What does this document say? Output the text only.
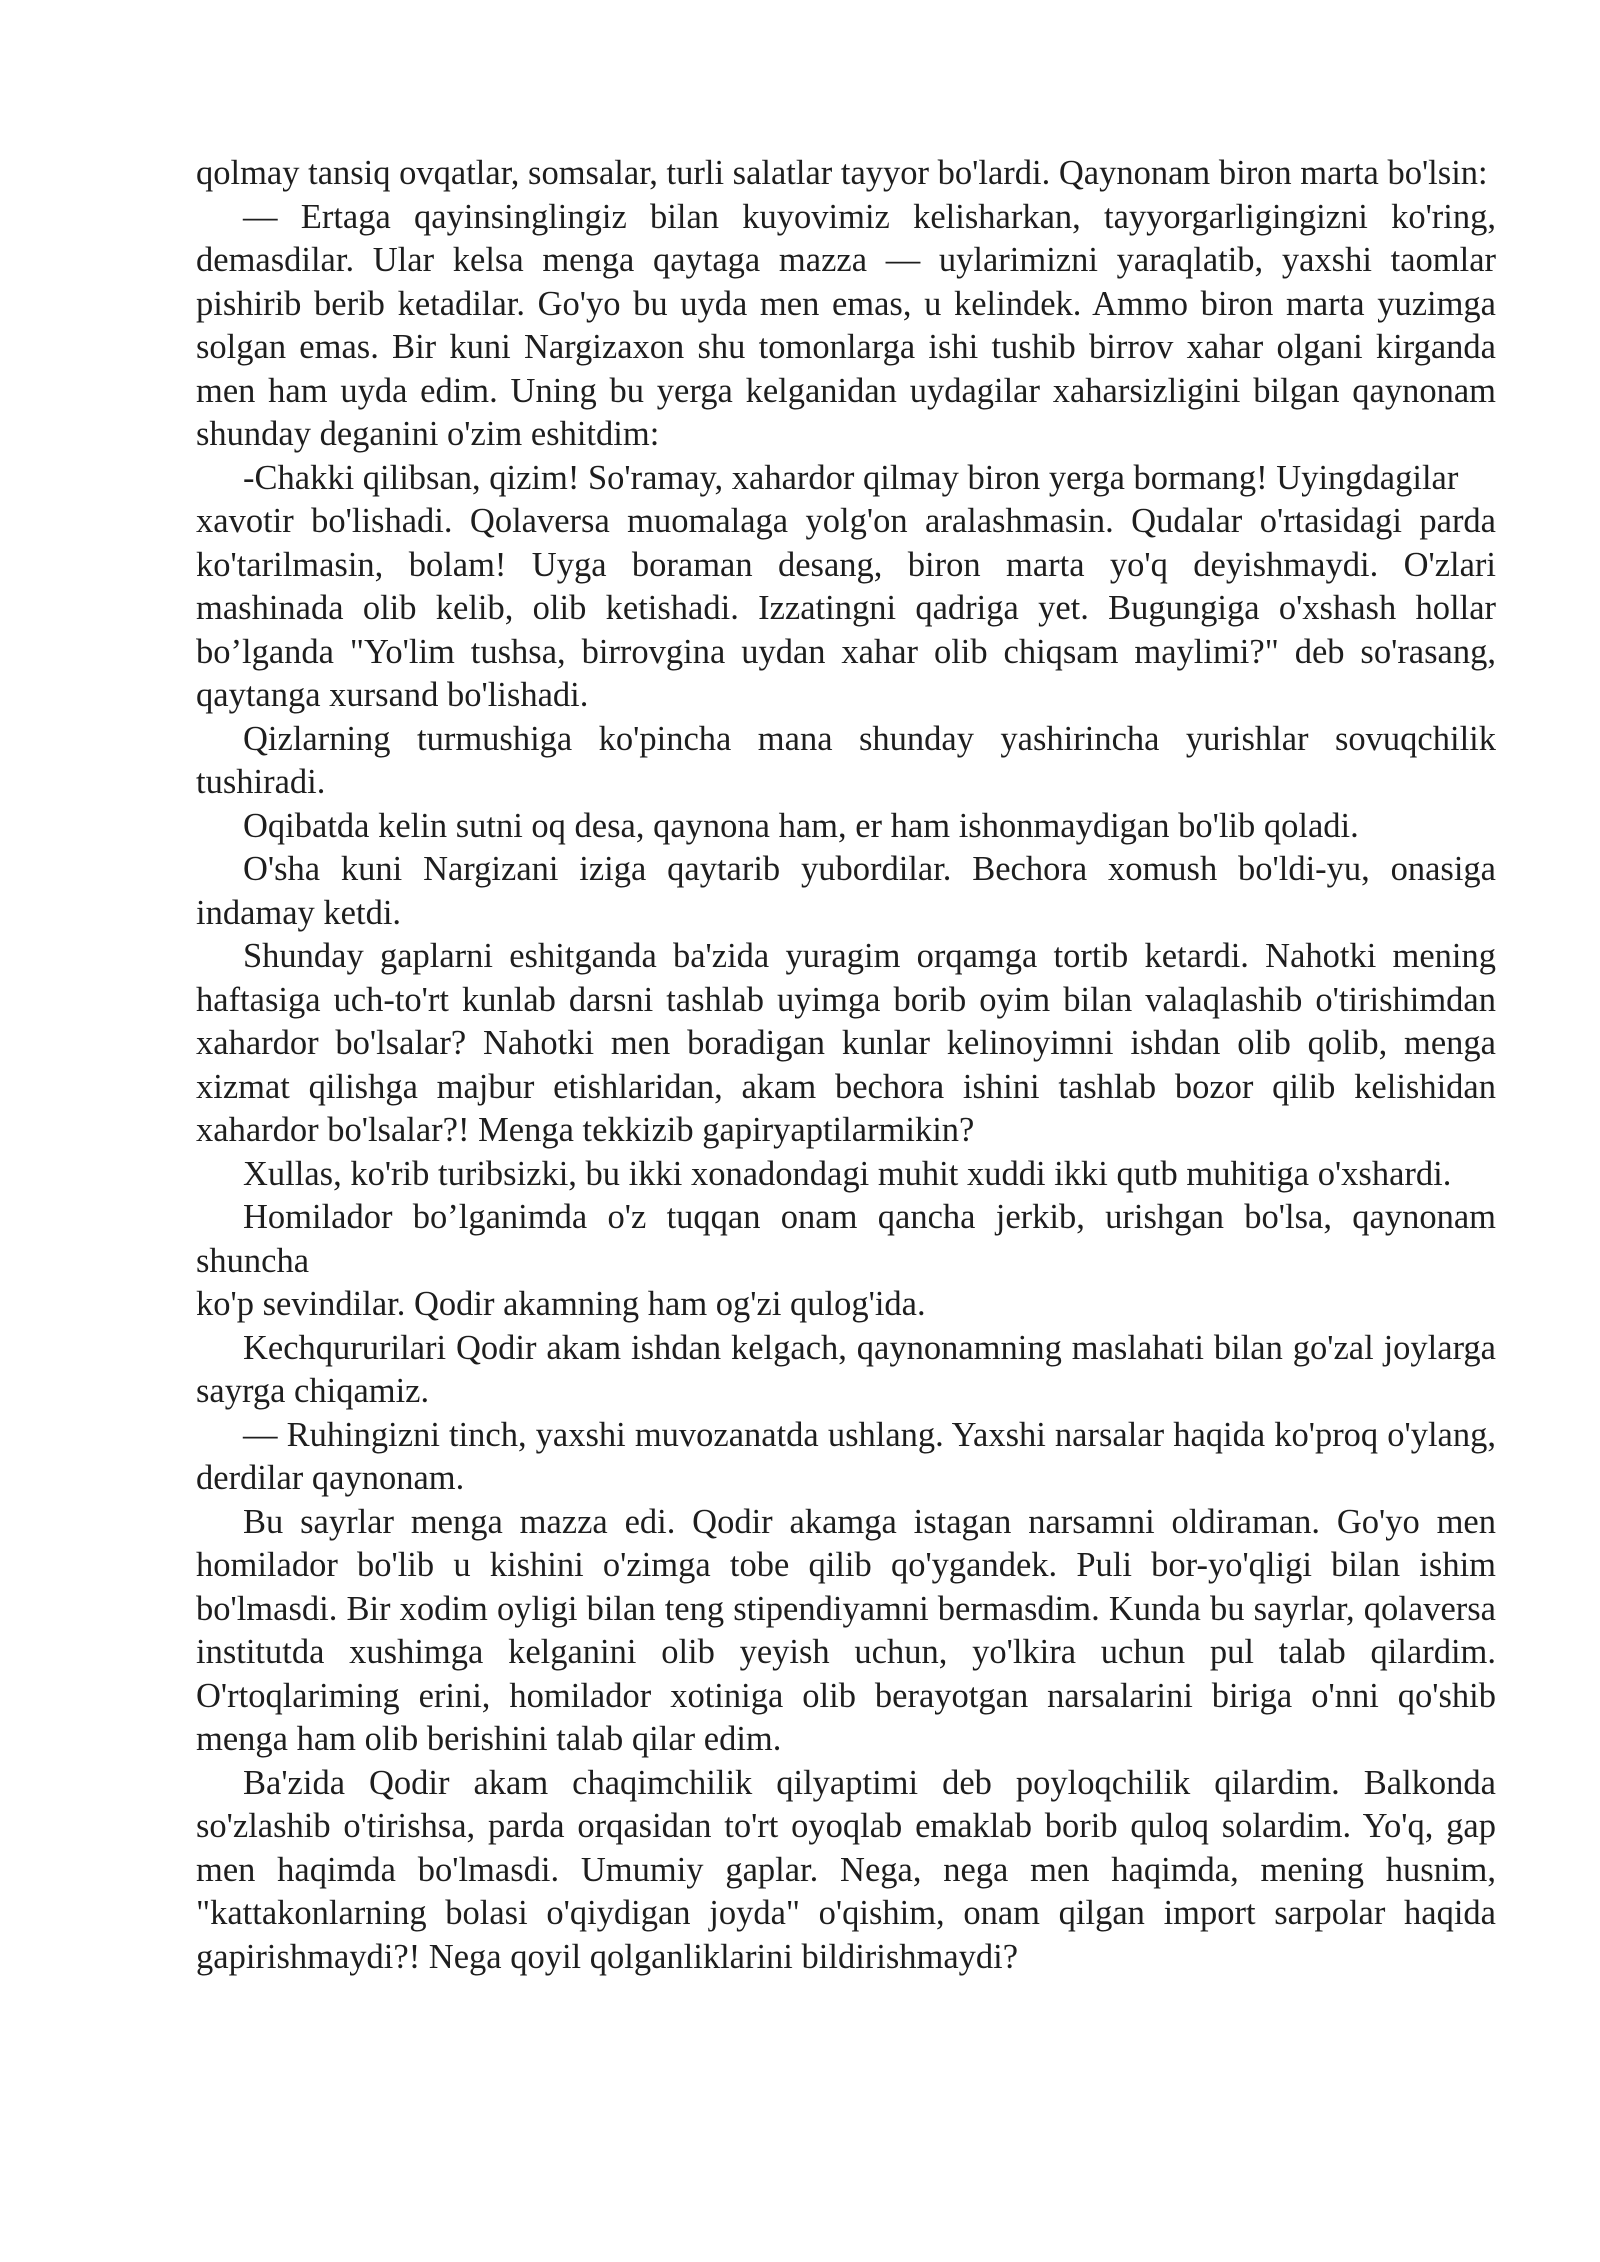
qolmay tansiq ovqatlar, somsalar, turli salatlar tayyor bo'lardi. Qaynonam biron marta bo'lsin:

— Ertaga qayinsinglingiz bilan kuyovimiz kelisharkan, tayyorgarligingizni ko'ring, demasdilar. Ular kelsa menga qaytaga mazza — uylarimizni yaraqlatib, yaxshi taomlar pishirib berib ketadilar. Go'yo bu uyda men emas, u kelindek. Ammo biron marta yuzimga solgan emas. Bir kuni Nargizaxon shu tomonlarga ishi tushib birrov xahar olgani kirganda men ham uyda edim. Uning bu yerga kelganidan uydagilar xaharsizligini bilgan qaynonam shunday deganini o'zim eshitdim:

-Chakki qilibsan, qizim! So'ramay, xahardor qilmay biron yerga bormang! Uyingdagilar

xavotir bo'lishadi. Qolaversa muomalaga yolg'on aralashmasin. Qudalar o'rtasidagi parda ko'tarilmasin, bolam! Uyga boraman desang, biron marta yo'q deyishmaydi. O'zlari mashinada olib kelib, olib ketishadi. Izzatingni qadriga yet. Bugungiga o'xshash hollar bo’lganda "Yo'lim tushsa, birrovgina uydan xahar olib chiqsam maylimi?" deb so'rasang, qaytanga xursand bo'lishadi.

Qizlarning turmushiga ko'pincha mana shunday yashirincha yurishlar sovuqchilik tushiradi.

Oqibatda kelin sutni oq desa, qaynona ham, er ham ishonmaydigan bo'lib qoladi.

O'sha kuni Nargizani iziga qaytarib yubordilar. Bechora xomush bo'ldi-yu, onasiga indamay ketdi.

Shunday gaplarni eshitganda ba'zida yuragim orqamga tortib ketardi. Nahotki mening haftasiga uch-to'rt kunlab darsni tashlab uyimga borib oyim bilan valaqlashib o'tirishimdan xahardor bo'lsalar? Nahotki men boradigan kunlar kelinoyimni ishdan olib qolib, menga xizmat qilishga majbur etishlaridan, akam bechora ishini tashlab bozor qilib kelishidan xahardor bo'lsalar?! Menga tekkizib gapiryaptilarmikin?

Xullas, ko'rib turibsizki, bu ikki xonadondagi muhit xuddi ikki qutb muhitiga o'xshardi.

Homilador bo’lganimda o'z tuqqan onam qancha jerkib, urishgan bo'lsa, qaynonam shuncha

ko'p sevindilar. Qodir akamning ham og'zi qulog'ida.

Kechqururilari Qodir akam ishdan kelgach, qaynonamning maslahati bilan go'zal joylarga sayrga chiqamiz.

— Ruhingizni tinch, yaxshi muvozanatda ushlang. Yaxshi narsalar haqida ko'proq o'ylang, derdilar qaynonam.

Bu sayrlar menga mazza edi. Qodir akamga istagan narsamni oldiraman. Go'yo men homilador bo'lib u kishini o'zimga tobe qilib qo'ygandek. Puli bor-yo'qligi bilan ishim bo'lmasdi. Bir xodim oyligi bilan teng stipendiyamni bermasdim. Kunda bu sayrlar, qolaversa institutda xushimga kelganini olib yeyish uchun, yo'lkira uchun pul talab qilardim. O'rtoqlariming erini, homilador xotiniga olib berayotgan narsalarini biriga o'nni qo'shib menga ham olib berishini talab qilar edim.

Ba'zida Qodir akam chaqimchilik qilyaptimi deb poyloqchilik qilardim. Balkonda so'zlashib o'tirishsa, parda orqasidan to'rt oyoqlab emaklab borib quloq solardim. Yo'q, gap men haqimda bo'lmasdi. Umumiy gaplar. Nega, nega men haqimda, mening husnim, "kattakonlarning bolasi o'qiydigan joyda" o'qishim, onam qilgan import sarpolar haqida gapirishmaydi?! Nega qoyil qolganliklarini bildirishmaydi?
